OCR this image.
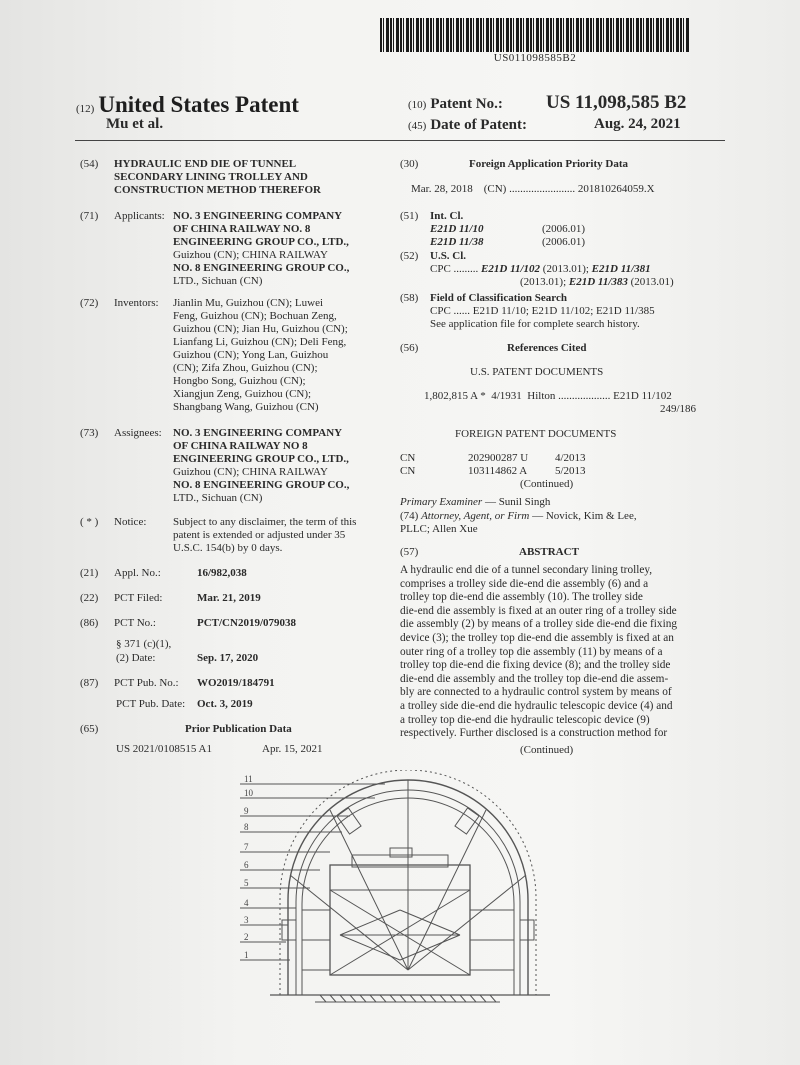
US011098585B2
(12) United States Patent
Mu et al.
(10) Patent No.: US 11,098,585 B2
(45) Date of Patent:	Aug. 24, 2021
(54) HYDRAULIC END DIE OF TUNNEL
SECONDARY LINING TROLLEY AND
CONSTRUCTION METHOD THEREFOR
(71) Applicants: NO. 3 ENGINEERING COMPANY
OF CHINA RAILWAY NO. 8
ENGINEERING GROUP CO., LTD.,
Guizhou (CN); CHINA RAILWAY
NO. 8 ENGINEERING GROUP CO.,
LTD., Sichuan (CN)
(72) Inventors: Jianlin Mu, Guizhou (CN); Luwei
Feng, Guizhou (CN); Bochuan Zeng,
Guizhou (CN); Jian Hu, Guizhou (CN);
Lianfang Li, Guizhou (CN); Deli Feng,
Guizhou (CN); Yong Lan, Guizhou
(CN); Zifa Zhou, Guizhou (CN);
Hongbo Song, Guizhou (CN);
Xiangjun Zeng, Guizhou (CN);
Shangbang Wang, Guizhou (CN)
(73) Assignees: NO. 3 ENGINEERING COMPANY
OF CHINA RAILWAY NO 8
ENGINEERING GROUP CO., LTD.,
Guizhou (CN); CHINA RAILWAY
NO. 8 ENGINEERING GROUP CO.,
LTD., Sichuan (CN)
( * ) Notice: Subject to any disclaimer, the term of this
patent is extended or adjusted under 35
U.S.C. 154(b) by 0 days.
(21) Appl. No.:	16/982,038
(22) PCT Filed:	Mar. 21, 2019
(86) PCT No.:	PCT/CN2019/079038
§ 371 (c)(1),
(2) Date:	Sep. 17, 2020
(87) PCT Pub. No.: WO2019/184791
PCT Pub. Date: Oct. 3, 2019
(65)	Prior Publication Data
US 2021/0108515 A1	Apr. 15, 2021
(30)	Foreign Application Priority Data
Mar. 28, 2018 (CN) ........................ 201810264059.X
(51) Int. Cl.
E21D 11/10	(2006.01)
E21D 11/38	(2006.01)
(52) U.S. Cl.
CPC ......... E21D 11/102 (2013.01); E21D 11/381
(2013.01); E21D 11/383 (2013.01)
(58) Field of Classification Search
CPC ...... E21D 11/10; E21D 11/102; E21D 11/385
See application file for complete search history.
(56)	References Cited
U.S. PATENT DOCUMENTS
1,802,815 A * 4/1931 Hilton ................... E21D 11/102
249/186
FOREIGN PATENT DOCUMENTS
CN	202900287 U 4/2013
CN	103114862 A	5/2013
(Continued)
Primary Examiner — Sunil Singh
(74) Attorney, Agent, or Firm — Novick, Kim & Lee,
PLLC; Allen Xue
(57)	ABSTRACT
A hydraulic end die of a tunnel secondary lining trolley,
comprises a trolley side die-end die assembly (6) and a
trolley top die-end die assembly (10). The trolley side
die-end die assembly is fixed at an outer ring of a trolley side
die assembly (2) by means of a trolley side die-end die fixing
device (3); the trolley top die-end die assembly is fixed at an
outer ring of a trolley top die assembly (11) by means of a
trolley top die-end die fixing device (8); and the trolley side
die-end die assembly and the trolley top die-end die assem-
bly are connected to a hydraulic control system by means of
a trolley side die-end die hydraulic telescopic device (4) and
a trolley top die-end die hydraulic telescopic device (9)
respectively. Further disclosed is a construction method for
(Continued)
11
10
9
8
7
6
5
4
3
2
1
